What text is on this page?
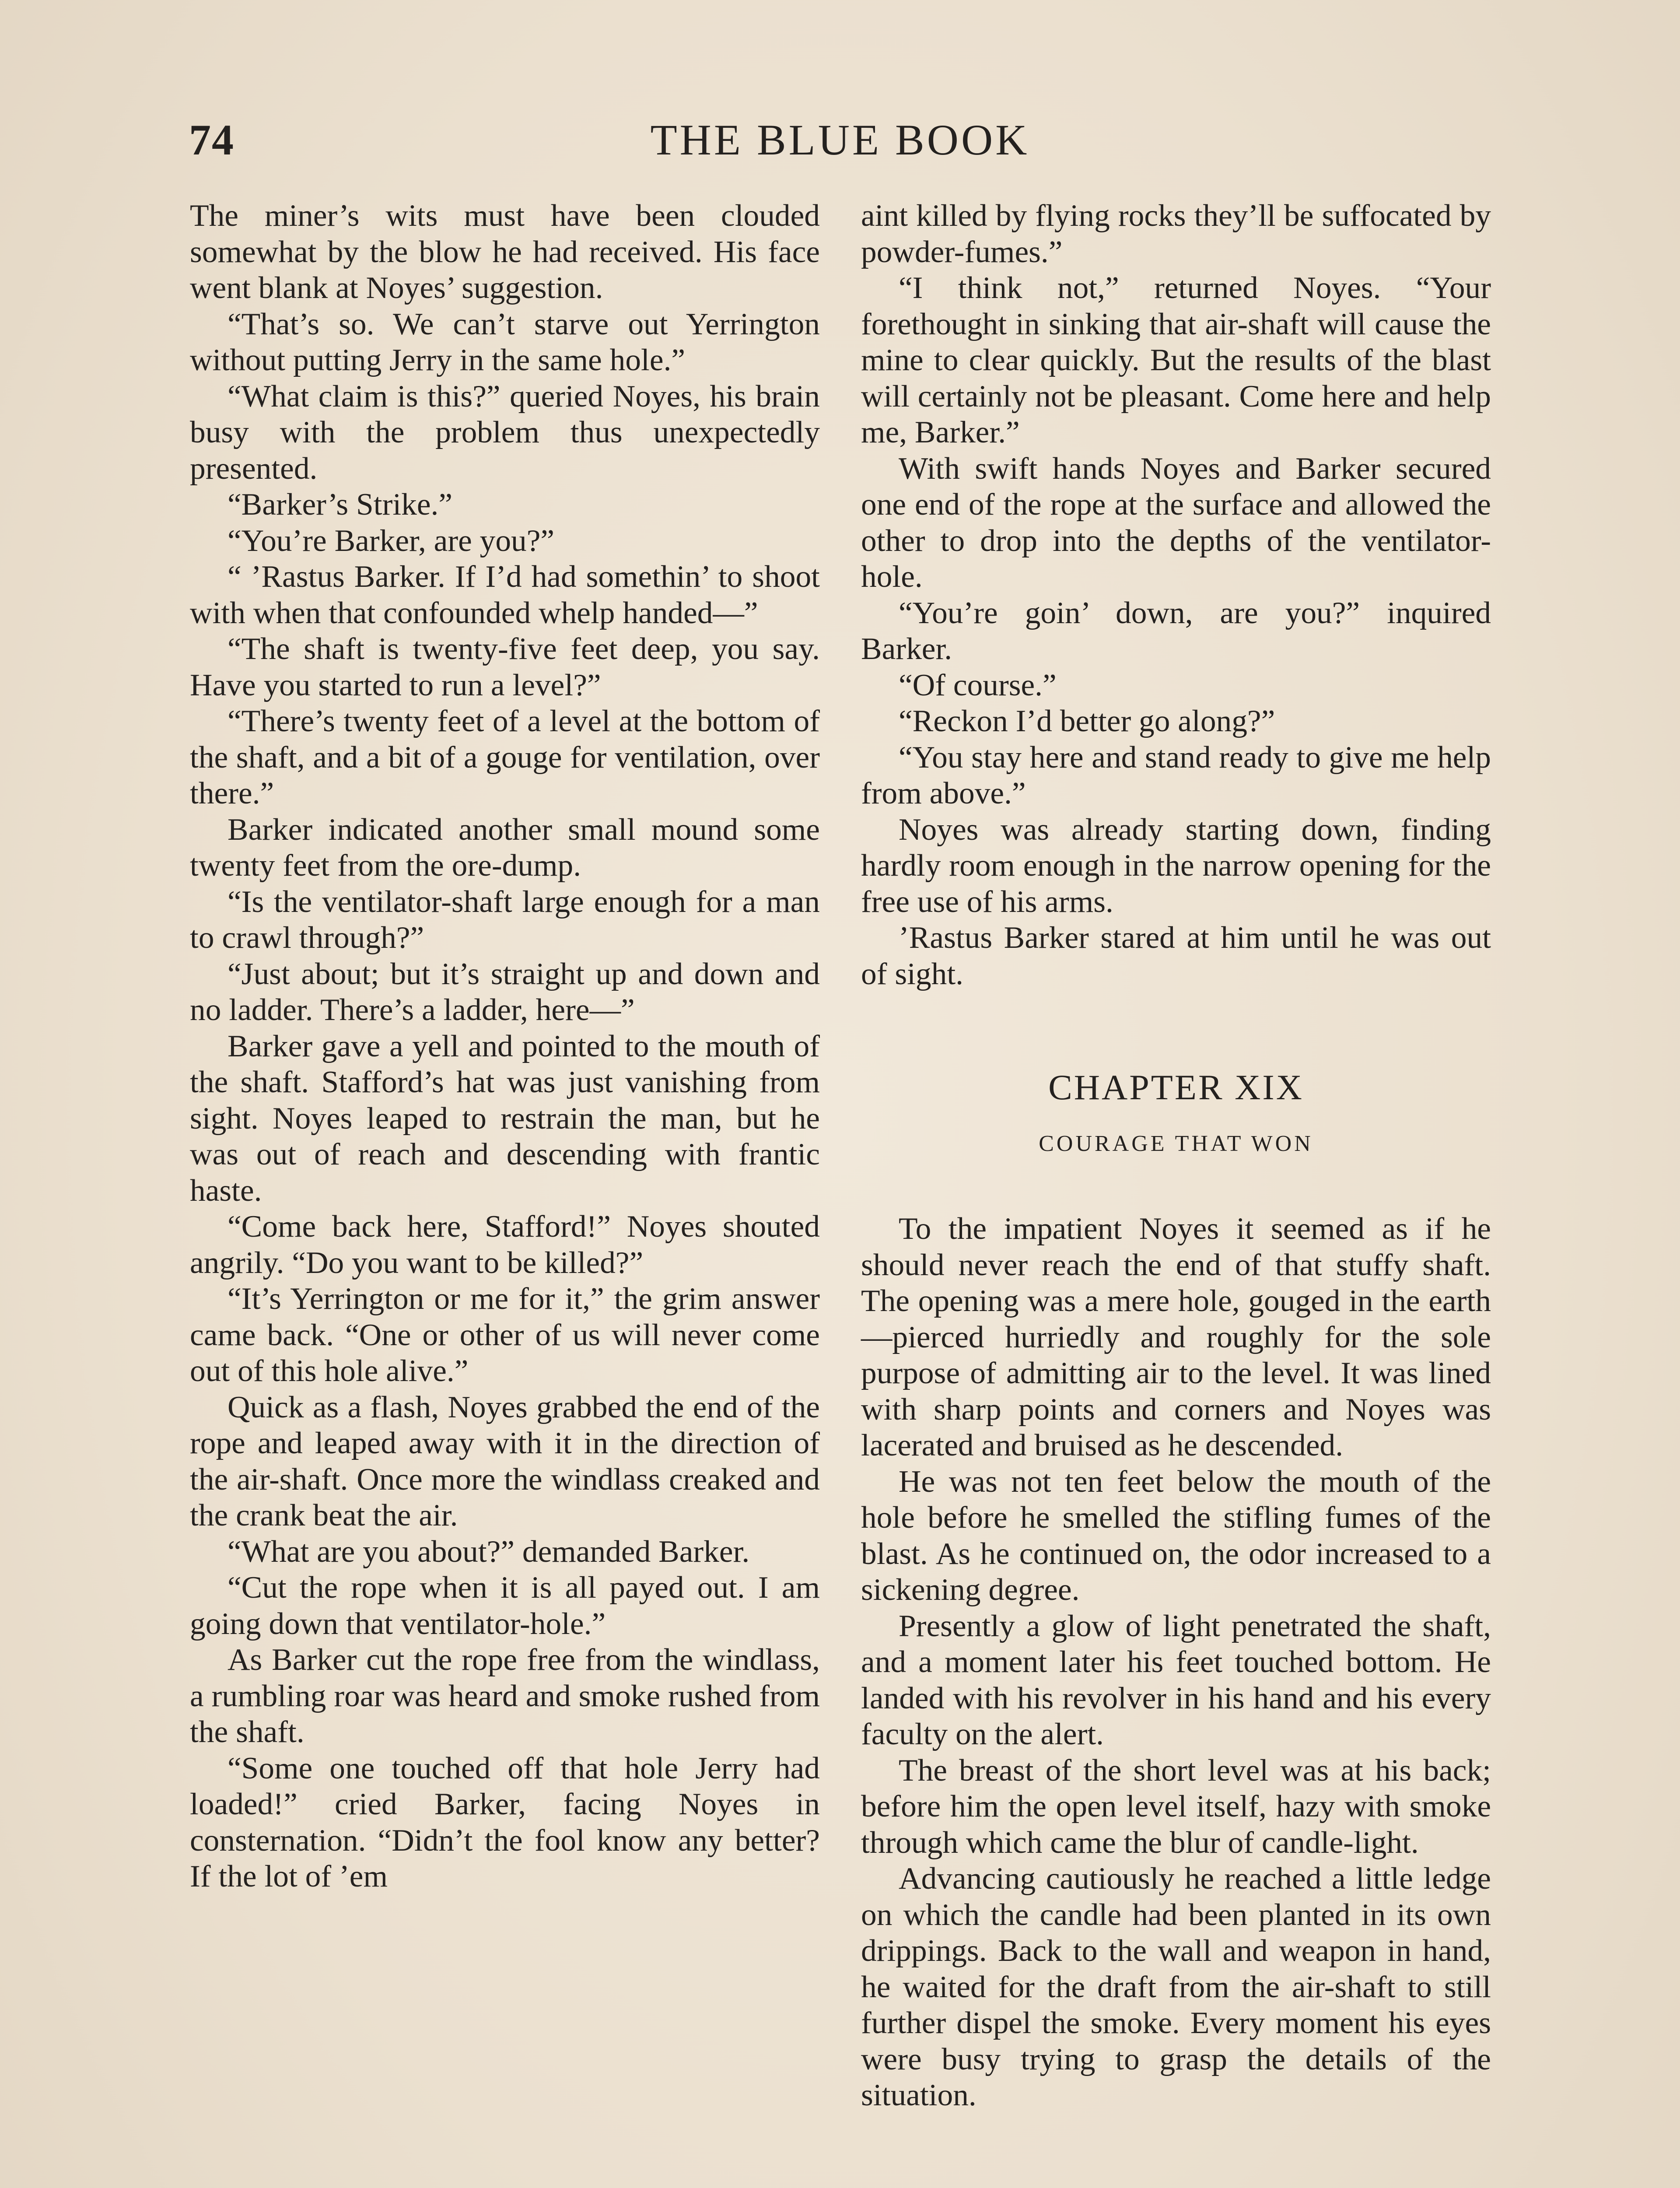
74	THE BLUE BOOK

The miner’s wits must have been clouded somewhat by the blow he had received. His face went blank at Noyes’ suggestion.

“That’s so. We can’t starve out Yerrington without putting Jerry in the same hole.”

“What claim is this?” queried Noyes, his brain busy with the problem thus unexpectedly presented.

“Barker’s Strike.”

“You’re Barker, are you?”

“ ’Rastus Barker. If I’d had somethin’ to shoot with when that confounded whelp handed—”

“The shaft is twenty-five feet deep, you say. Have you started to run a level?”

“There’s twenty feet of a level at the bottom of the shaft, and a bit of a gouge for ventilation, over there.”

Barker indicated another small mound some twenty feet from the ore-dump.

“Is the ventilator-shaft large enough for a man to crawl through?”

“Just about; but it’s straight up and down and no ladder. There’s a ladder, here—”

Barker gave a yell and pointed to the mouth of the shaft. Stafford’s hat was just vanishing from sight. Noyes leaped to restrain the man, but he was out of reach and descending with frantic haste.

“Come back here, Stafford!” Noyes shouted angrily. “Do you want to be killed?”

“It’s Yerrington or me for it,” the grim answer came back. “One or other of us will never come out of this hole alive.”

Quick as a flash, Noyes grabbed the end of the rope and leaped away with it in the direction of the air-shaft. Once more the windlass creaked and the crank beat the air.

“What are you about?” demanded Barker.

“Cut the rope when it is all payed out. I am going down that ventilator-hole.”

As Barker cut the rope free from the windlass, a rumbling roar was heard and smoke rushed from the shaft.

“Some one touched off that hole Jerry had loaded!” cried Barker, facing Noyes in consternation. “Didn’t the fool know any better? If the lot of ’em

aint killed by flying rocks they’ll be suffocated by powder-fumes.”

“I think not,” returned Noyes. “Your forethought in sinking that air-shaft will cause the mine to clear quickly. But the results of the blast will certainly not be pleasant. Come here and help me, Barker.”

With swift hands Noyes and Barker secured one end of the rope at the surface and allowed the other to drop into the depths of the ventilator-hole.

“You’re goin’ down, are you?” inquired Barker.

“Of course.”

“Reckon I’d better go along?”

“You stay here and stand ready to give me help from above.”

Noyes was already starting down, finding hardly room enough in the narrow opening for the free use of his arms.

’Rastus Barker stared at him until he was out of sight.

CHAPTER XIX

COURAGE THAT WON

To the impatient Noyes it seemed as if he should never reach the end of that stuffy shaft. The opening was a mere hole, gouged in the earth—pierced hurriedly and roughly for the sole purpose of admitting air to the level. It was lined with sharp points and corners and Noyes was lacerated and bruised as he descended.

He was not ten feet below the mouth of the hole before he smelled the stifling fumes of the blast. As he continued on, the odor increased to a sickening degree.

Presently a glow of light penetrated the shaft, and a moment later his feet touched bottom. He landed with his revolver in his hand and his every faculty on the alert.

The breast of the short level was at his back; before him the open level itself, hazy with smoke through which came the blur of candle-light.

Advancing cautiously he reached a little ledge on which the candle had been planted in its own drippings. Back to the wall and weapon in hand, he waited for the draft from the air-shaft to still further dispel the smoke. Every moment his eyes were busy trying to grasp the details of the situation.
